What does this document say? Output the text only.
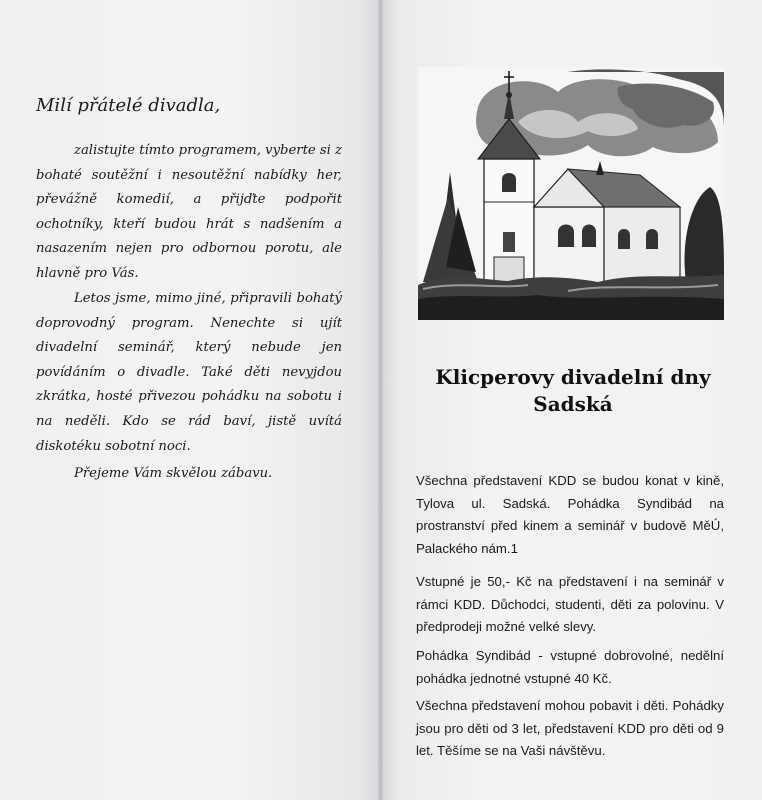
Milí přátelé divadla,
zalistujte tímto programem, vyberte si z bohaté soutěžní i nesoutěžní nabídky her, převážně komedií, a přijďte podpořit ochotníky, kteří budou hrát s nadšením a nasazením nejen pro odbornou porotu, ale hlavně pro Vás.
Letos jsme, mimo jiné, připravili bohatý doprovodný program. Nenechte si ujít divadelní seminář, který nebude jen povídáním o divadle. Také děti nevyjdou zkrátka, hosté přivezou pohádku na sobotu i na neděli. Kdo se rád baví, jistě uvítá diskotéku sobotní noci.
Přejeme Vám skvělou zábavu.
Klicperovy divadelní dny
Sadská
Všechna představení KDD se budou konat v kině, Tylova ul. Sadská. Pohádka Syndibád na prostranství před kinem a seminář v budově MěÚ, Palackého nám.1
Vstupné je 50,- Kč na představení i na seminář v rámci KDD. Důchodci, studenti, děti za polovinu. V předprodeji možné velké slevy.
Pohádka Syndibád - vstupné dobrovolné, nedělní pohádka jednotné vstupné 40 Kč.
Všechna představení mohou pobavit i děti. Pohádky jsou pro děti od 3 let, představení KDD pro děti od 9 let. Těšíme se na Vaši návštěvu.
